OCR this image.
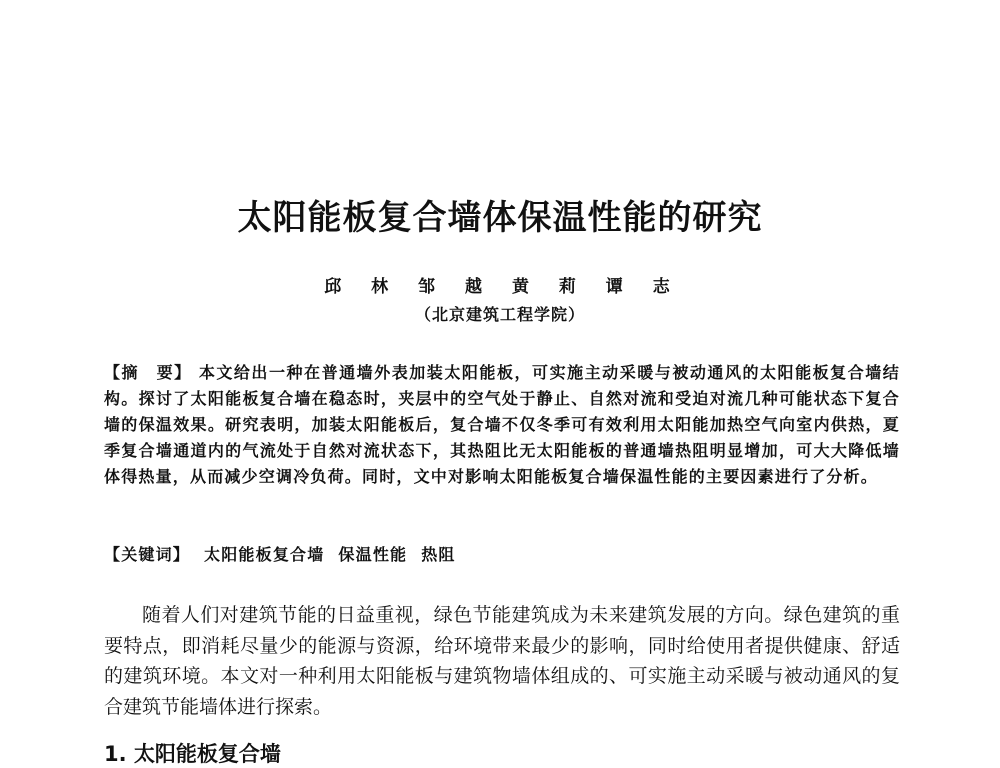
太阳能板复合墙体保温性能的研究
邱 林 邹 越 黄 莉 谭 志
（北京建筑工程学院）
【摘　要】 本文给出一种在普通墙外表加装太阳能板，可实施主动采暖与被动通风的太阳能板复合墙结构。探讨了太阳能板复合墙在稳态时，夹层中的空气处于静止、自然对流和受迫对流几种可能状态下复合墙的保温效果。研究表明，加装太阳能板后，复合墙不仅冬季可有效利用太阳能加热空气向室内供热，夏季复合墙通道内的气流处于自然对流状态下，其热阻比无太阳能板的普通墙热阻明显增加，可大大降低墙体得热量，从而减少空调冷负荷。同时，文中对影响太阳能板复合墙保温性能的主要因素进行了分析。
【关键词】 太阳能板复合墙 保温性能 热阻
随着人们对建筑节能的日益重视，绿色节能建筑成为未来建筑发展的方向。绿色建筑的重要特点，即消耗尽量少的能源与资源，给环境带来最少的影响，同时给使用者提供健康、舒适的建筑环境。本文对一种利用太阳能板与建筑物墙体组成的、可实施主动采暖与被动通风的复合建筑节能墙体进行探索。
1. 太阳能板复合墙
